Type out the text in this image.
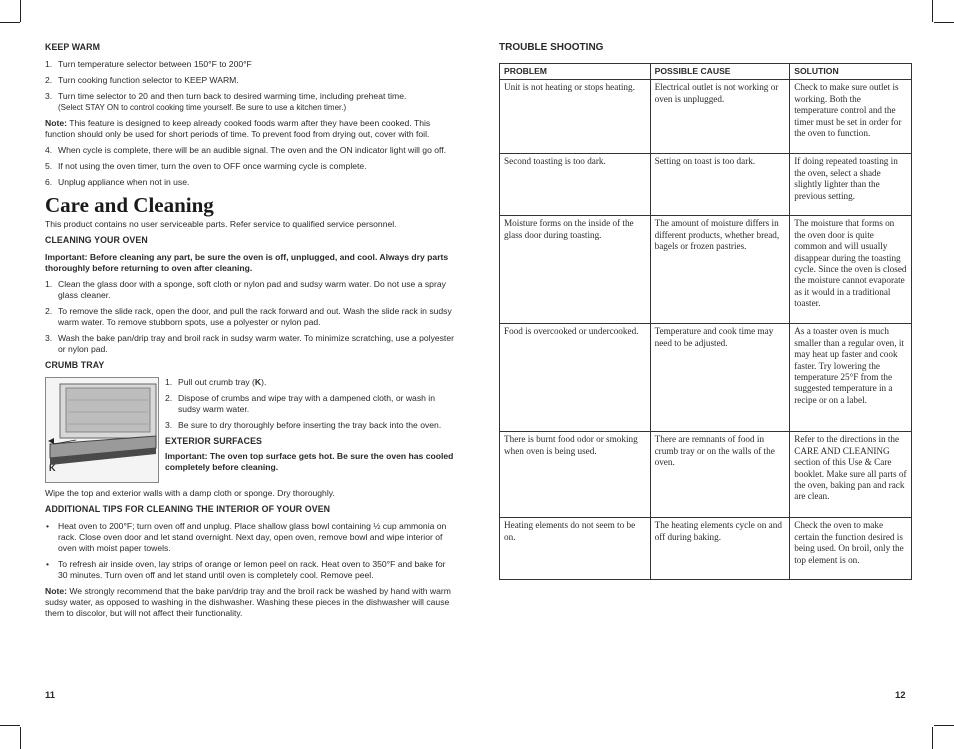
KEEP WARM
1. Turn temperature selector between 150°F to 200°F
2. Turn cooking function selector to KEEP WARM.
3. Turn time selector to 20 and then turn back to desired warming time, including preheat time.
(Select STAY ON to control cooking time yourself. Be sure to use a kitchen timer.)

Note: This feature is designed to keep already cooked foods warm after they have been cooked. This function should only be used for short periods of time. To prevent food from drying out, cover with foil.

4. When cycle is complete, there will be an audible signal. The oven and the ON indicator light will go off.
5. If not using the oven timer, turn the oven to OFF once warming cycle is complete.
6. Unplug appliance when not in use.
Care and Cleaning

This product contains no user serviceable parts. Refer service to qualified service personnel.

CLEANING YOUR OVEN

Important: Before cleaning any part, be sure the oven is off, unplugged, and cool. Always dry parts thoroughly before returning to oven after cleaning.

1. Clean the glass door with a sponge, soft cloth or nylon pad and sudsy warm water. Do not use a spray glass cleaner.
2. To remove the slide rack, open the door, and pull the rack forward and out. Wash the slide rack in sudsy warm water. To remove stubborn spots, use a polyester or nylon pad.
3. Wash the bake pan/drip tray and broil rack in sudsy warm water. To minimize scratching, use a polyester or nylon pad.
CRUMB TRAY
K
1. Pull out crumb tray (K).
2. Dispose of crumbs and wipe tray with a dampened cloth, or wash in sudsy warm water.
3. Be sure to dry thoroughly before inserting the tray back into the oven.
EXTERIOR SURFACES

Important: The oven top surface gets hot. Be sure the oven has cooled completely before cleaning.

Wipe the top and exterior walls with a damp cloth or sponge. Dry thoroughly.

ADDITIONAL TIPS FOR CLEANING THE INTERIOR OF YOUR OVEN
• Heat oven to 200°F; turn oven off and unplug. Place shallow glass bowl containing ½ cup ammonia on rack. Close oven door and let stand overnight. Next day, open oven, remove bowl and wipe interior of oven with moist paper towels.
• To refresh air inside oven, lay strips of orange or lemon peel on rack. Heat oven to 350°F and bake for 30 minutes. Turn oven off and let stand until oven is completely cool. Remove peel.

Note: We strongly recommend that the bake pan/drip tray and the broil rack be washed by hand with warm sudsy water, as opposed to washing in the dishwasher. Washing these pieces in the dishwasher will cause them to discolor, but will not affect their functionality.

11
TROUBLE SHOOTING
PROBLEM	POSSIBLE CAUSE	SOLUTION
Unit is not heating or stops heating.	Electrical outlet is not working or oven is unplugged.	Check to make sure outlet is working. Both the temperature control and the timer must be set in order for the oven to function.
Second toasting is too dark.	Setting on toast is too dark.	If doing repeated toasting in the oven, select a shade slightly lighter than the previous setting.
Moisture forms on the inside of the glass door during toasting.	The amount of moisture differs in different products, whether bread, bagels or frozen pastries.	The moisture that forms on the oven door is quite common and will usually disappear during the toasting cycle. Since the oven is closed the moisture cannot evaporate as it would in a traditional toaster.
Food is overcooked or undercooked.	Temperature and cook time may need to be adjusted.	As a toaster oven is much smaller than a regular oven, it may heat up faster and cook faster. Try lowering the temperature 25°F from the suggested temperature in a recipe or on a label.
There is burnt food odor or smoking when oven is being used.	There are remnants of food in crumb tray or on the walls of the oven.	Refer to the directions in the CARE AND CLEANING section of this Use & Care booklet. Make sure all parts of the oven, baking pan and rack are clean.
Heating elements do not seem to be on.	The heating elements cycle on and off during baking.	Check the oven to make certain the function desired is being used. On broil, only the top element is on.
12
